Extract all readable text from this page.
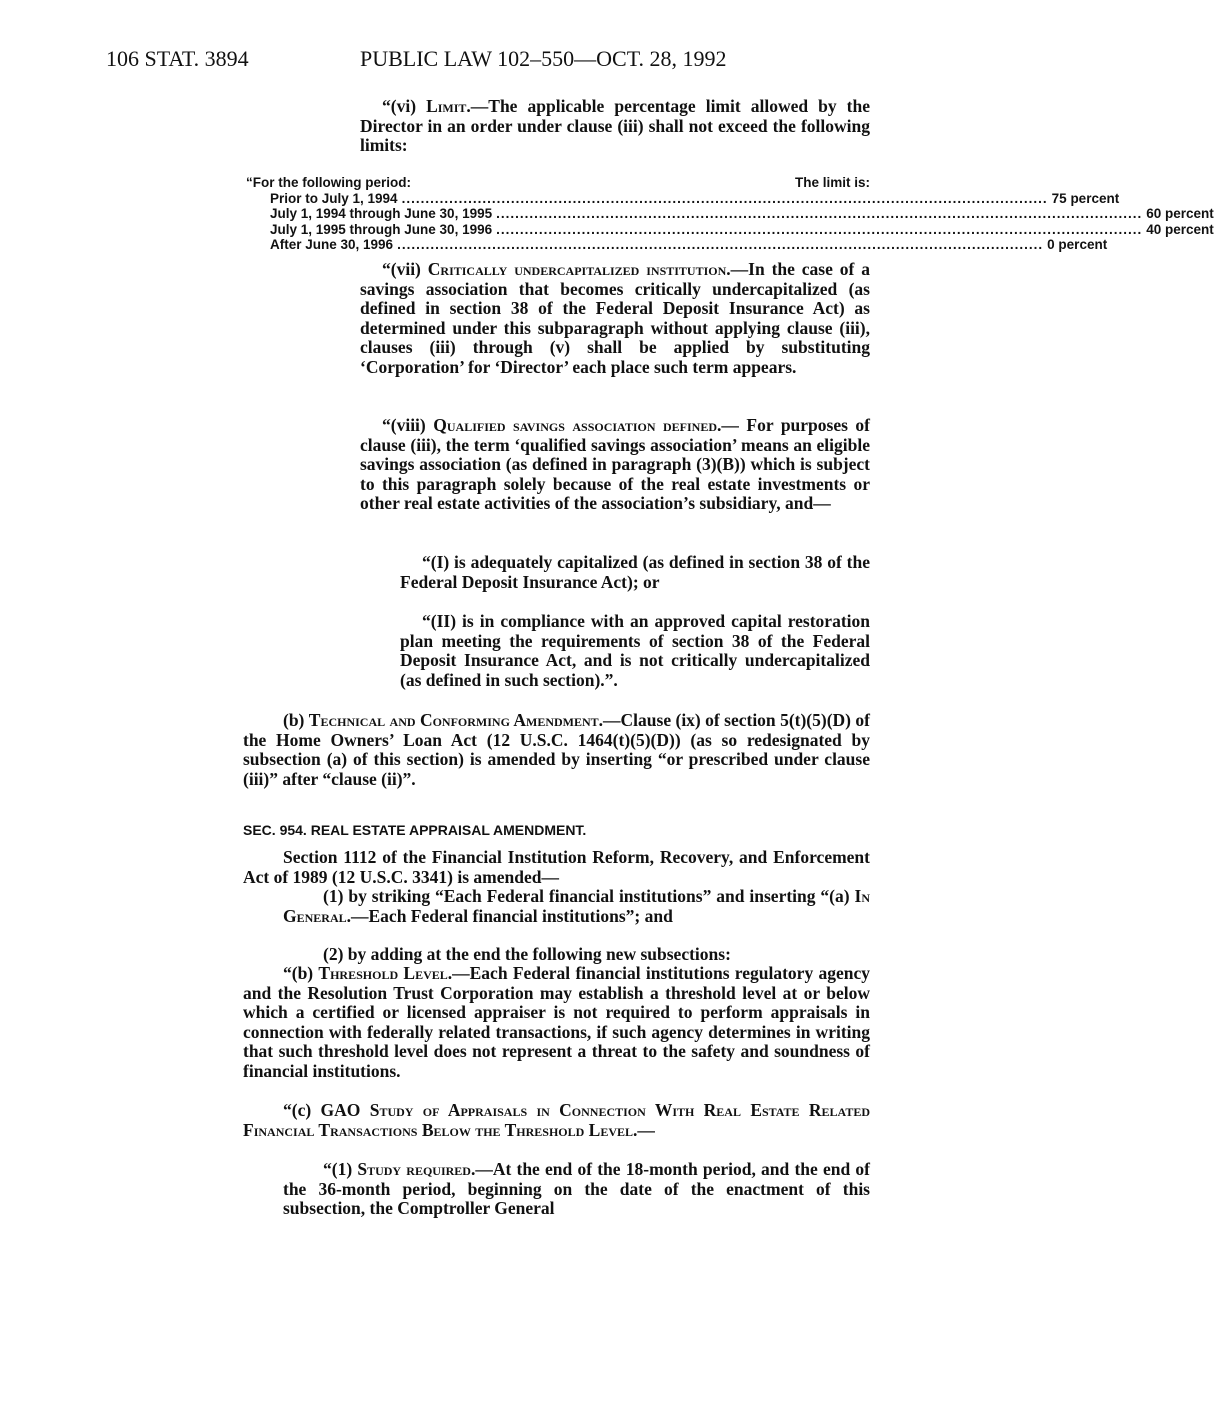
106 STAT. 3894	PUBLIC LAW 102–550—OCT. 28, 1992
“(vi) Limit.—The applicable percentage limit allowed by the Director in an order under clause (iii) shall not exceed the following limits:
“For the following period:	The limit is:
Prior to July 1, 1994 ........................................................................................................................................ 75 percent
July 1, 1994 through June 30, 1995 ........................................................................................................................................ 60 percent
July 1, 1995 through June 30, 1996 ........................................................................................................................................ 40 percent
After June 30, 1996 ........................................................................................................................................ 0 percent
“(vii) Critically undercapitalized institution.—In the case of a savings association that becomes critically undercapitalized (as defined in section 38 of the Federal Deposit Insurance Act) as determined under this subparagraph without applying clause (iii), clauses (iii) through (v) shall be applied by substituting ‘Corporation’ for ‘Director’ each place such term appears.
“(viii) Qualified savings association defined.— For purposes of clause (iii), the term ‘qualified savings association’ means an eligible savings association (as defined in paragraph (3)(B)) which is subject to this paragraph solely because of the real estate investments or other real estate activities of the association’s subsidiary, and—
“(I) is adequately capitalized (as defined in section 38 of the Federal Deposit Insurance Act); or
“(II) is in compliance with an approved capital restoration plan meeting the requirements of section 38 of the Federal Deposit Insurance Act, and is not critically undercapitalized (as defined in such section).”.
(b) Technical and Conforming Amendment.—Clause (ix) of section 5(t)(5)(D) of the Home Owners’ Loan Act (12 U.S.C. 1464(t)(5)(D)) (as so redesignated by subsection (a) of this section) is amended by inserting “or prescribed under clause (iii)” after “clause (ii)”.
SEC. 954. REAL ESTATE APPRAISAL AMENDMENT.
Section 1112 of the Financial Institution Reform, Recovery, and Enforcement Act of 1989 (12 U.S.C. 3341) is amended—
(1) by striking “Each Federal financial institutions” and inserting “(a) In General.—Each Federal financial institutions”; and
(2) by adding at the end the following new subsections:
“(b) Threshold Level.—Each Federal financial institutions regulatory agency and the Resolution Trust Corporation may establish a threshold level at or below which a certified or licensed appraiser is not required to perform appraisals in connection with federally related transactions, if such agency determines in writing that such threshold level does not represent a threat to the safety and soundness of financial institutions.
“(c) GAO Study of Appraisals in Connection With Real Estate Related Financial Transactions Below the Threshold Level.—
“(1) Study required.—At the end of the 18-month period, and the end of the 36-month period, beginning on the date of the enactment of this subsection, the Comptroller General
